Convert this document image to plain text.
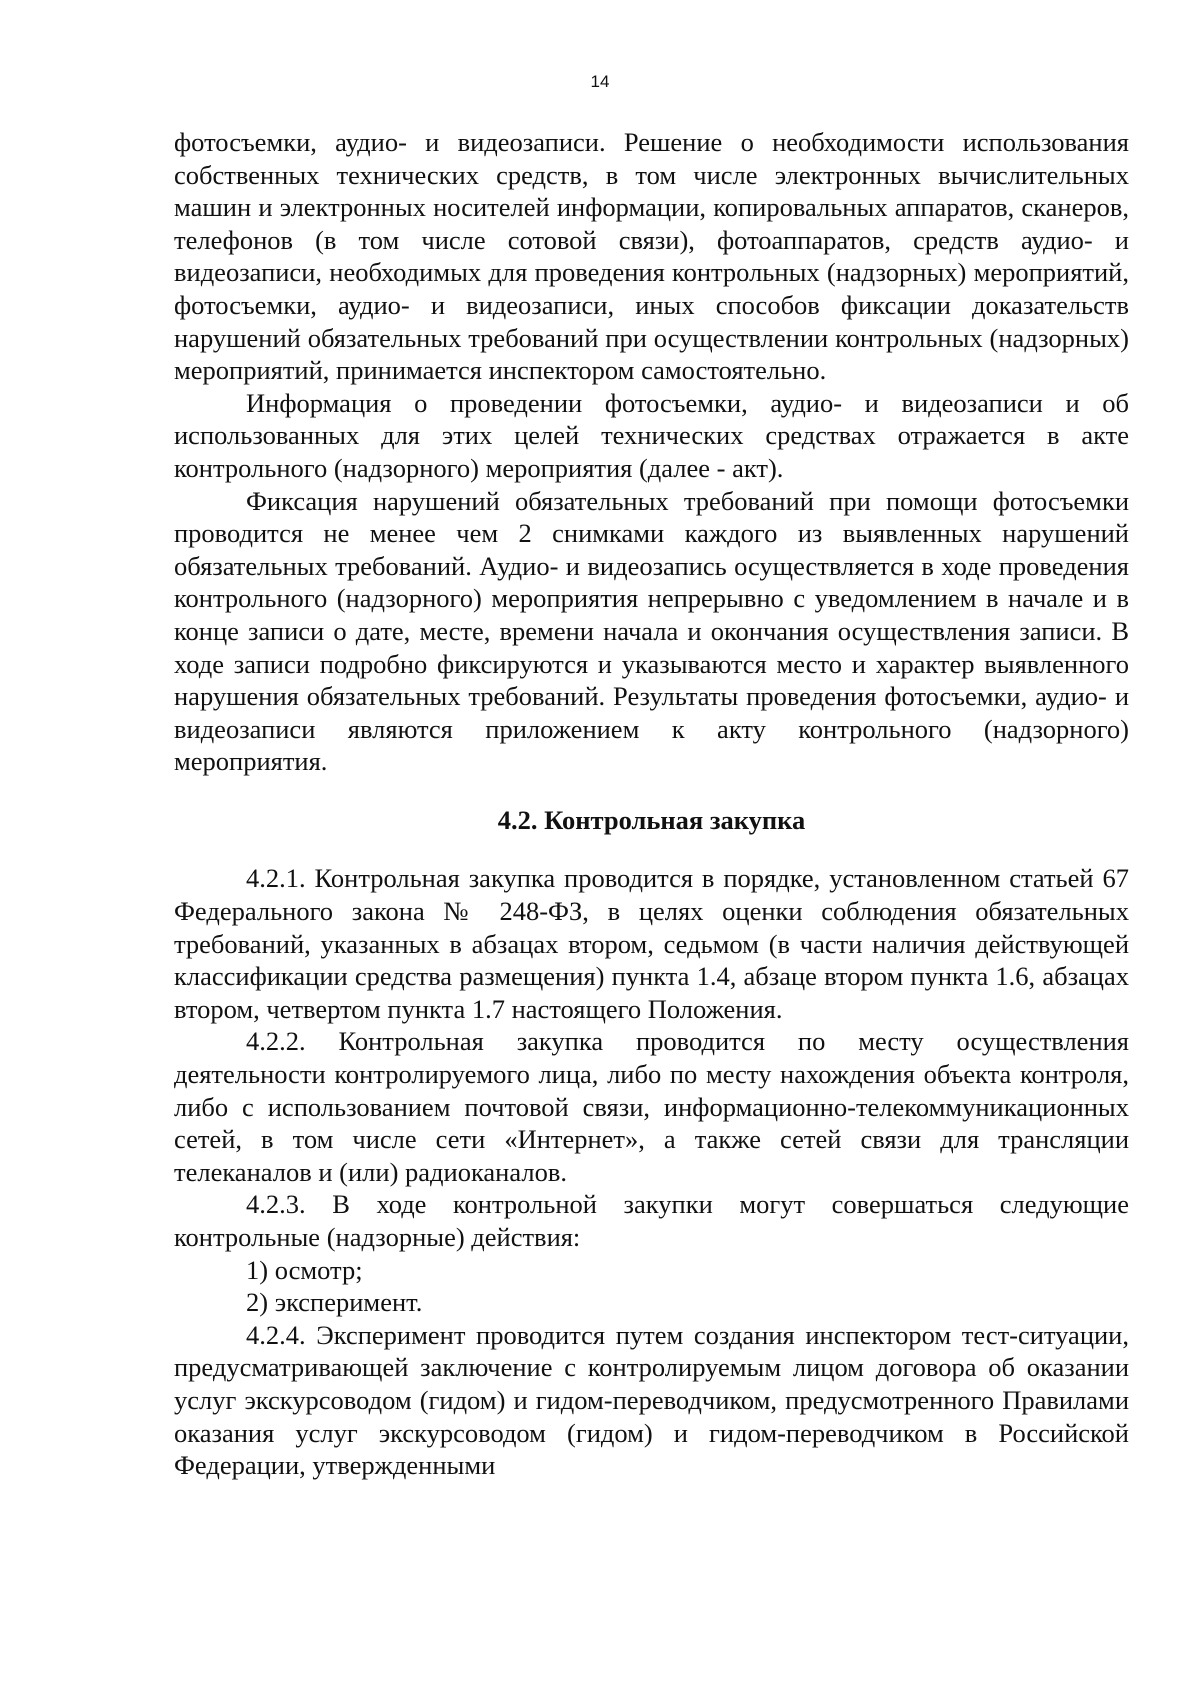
14

фотосъемки, аудио- и видеозаписи. Решение о необходимости использования собственных технических средств, в том числе электронных вычислительных машин и электронных носителей информации, копировальных аппаратов, сканеров, телефонов (в том числе сотовой связи), фотоаппаратов, средств аудио- и видеозаписи, необходимых для проведения контрольных (надзорных) мероприятий, фотосъемки, аудио- и видеозаписи, иных способов фиксации доказательств нарушений обязательных требований при осуществлении контрольных (надзорных) мероприятий, принимается инспектором самостоятельно.

Информация о проведении фотосъемки, аудио- и видеозаписи и об использованных для этих целей технических средствах отражается в акте контрольного (надзорного) мероприятия (далее - акт).

Фиксация нарушений обязательных требований при помощи фотосъемки проводится не менее чем 2 снимками каждого из выявленных нарушений обязательных требований. Аудио- и видеозапись осуществляется в ходе проведения контрольного (надзорного) мероприятия непрерывно с уведомлением в начале и в конце записи о дате, месте, времени начала и окончания осуществления записи. В ходе записи подробно фиксируются и указываются место и характер выявленного нарушения обязательных требований. Результаты проведения фотосъемки, аудио- и видеозаписи являются приложением к акту контрольного (надзорного) мероприятия.

4.2. Контрольная закупка

4.2.1. Контрольная закупка проводится в порядке, установленном статьей 67 Федерального закона № 248-ФЗ, в целях оценки соблюдения обязательных требований, указанных в абзацах втором, седьмом (в части наличия действующей классификации средства размещения) пункта 1.4, абзаце втором пункта 1.6, абзацах втором, четвертом пункта 1.7 настоящего Положения.

4.2.2. Контрольная закупка проводится по месту осуществления деятельности контролируемого лица, либо по месту нахождения объекта контроля, либо с использованием почтовой связи, информационно-телекоммуникационных сетей, в том числе сети «Интернет», а также сетей связи для трансляции телеканалов и (или) радиоканалов.

4.2.3. В ходе контрольной закупки могут совершаться следующие контрольные (надзорные) действия:

1) осмотр;

2) эксперимент.

4.2.4. Эксперимент проводится путем создания инспектором тест-ситуации, предусматривающей заключение с контролируемым лицом договора об оказании услуг экскурсоводом (гидом) и гидом-переводчиком, предусмотренного Правилами оказания услуг экскурсоводом (гидом) и гидом-переводчиком в Российской Федерации, утвержденными
